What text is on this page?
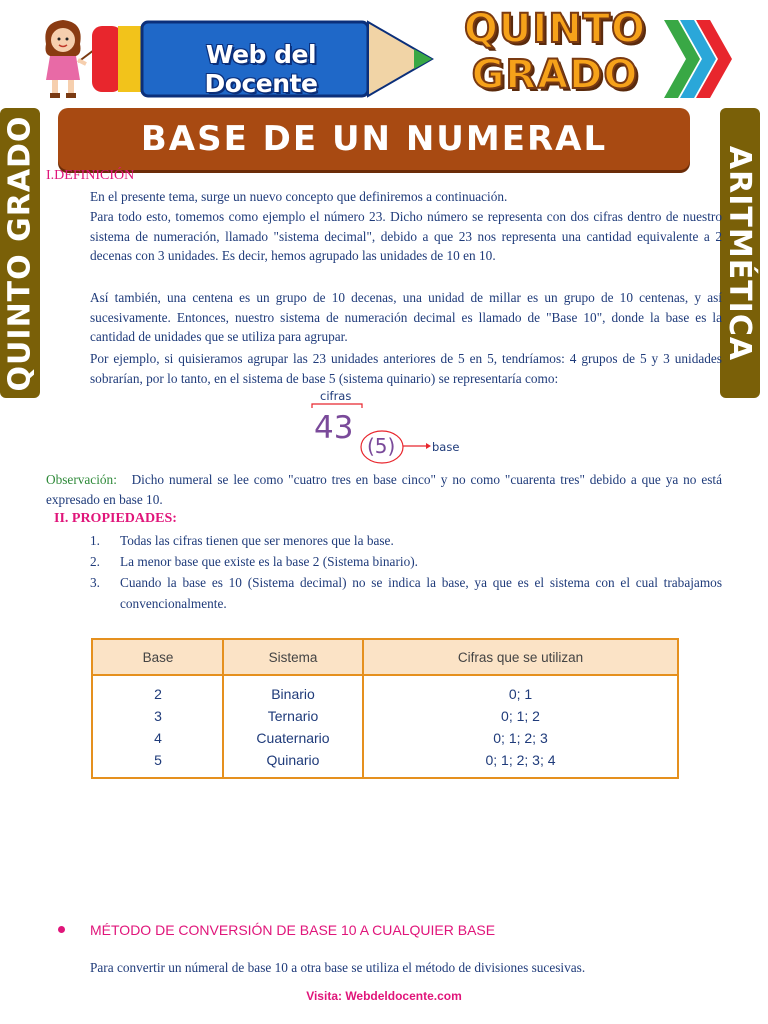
Web del Docente
QUINTO
GRADO
QUINTO GRADO	ARITMÉTICA
BASE DE UN NUMERAL
I.DEFINICIÓN

En el presente tema, surge un nuevo concepto que definiremos a continuación.

Para todo esto, tomemos como ejemplo el número 23. Dicho número se representa con dos cifras dentro de nuestro sistema de numeración, llamado "sistema decimal", debido a que 23 nos representa una cantidad equivalente a 2 decenas con 3 unidades. Es decir, hemos agrupado las unidades de 10 en 10.

Así también, una centena es un grupo de 10 decenas, una unidad de millar es un grupo de 10 centenas, y así sucesivamente. Entonces, nuestro sistema de numeración decimal es llamado de "Base 10", donde la base es la cantidad de unidades que se utiliza para agrupar.

Por ejemplo, si quisieramos agrupar las 23 unidades anteriores de 5 en 5, tendríamos: 4 grupos de 5 y 3 unidades sobrarían, por lo tanto, en el sistema de base 5 (sistema quinario) se representaría como:

cifras
43 (5)	base

Observación: Dicho numeral se lee como "cuatro tres en base cinco" y no como "cuarenta tres" debido a que ya no está expresado en base 10.

II. PROPIEDADES:
1. Todas las cifras tienen que ser menores que la base.
2. La menor base que existe es la base 2 (Sistema binario).
3. Cuando la base es 10 (Sistema decimal) no se indica la base, ya que es el sistema con el cual trabajamos convencionalmente.
Base	Sistema	Cifras que se utilizan
2	Binario	0; 1
3	Ternario	0; 1; 2
4	Cuaternario	0; 1; 2; 3
5	Quinario	0; 1; 2; 3; 4
MÉTODO DE CONVERSIÓN DE BASE 10 A CUALQUIER BASE

Para convertir un númeral de base 10 a otra base se utiliza el método de divisiones sucesivas.

Visita: Webdeldocente.com
